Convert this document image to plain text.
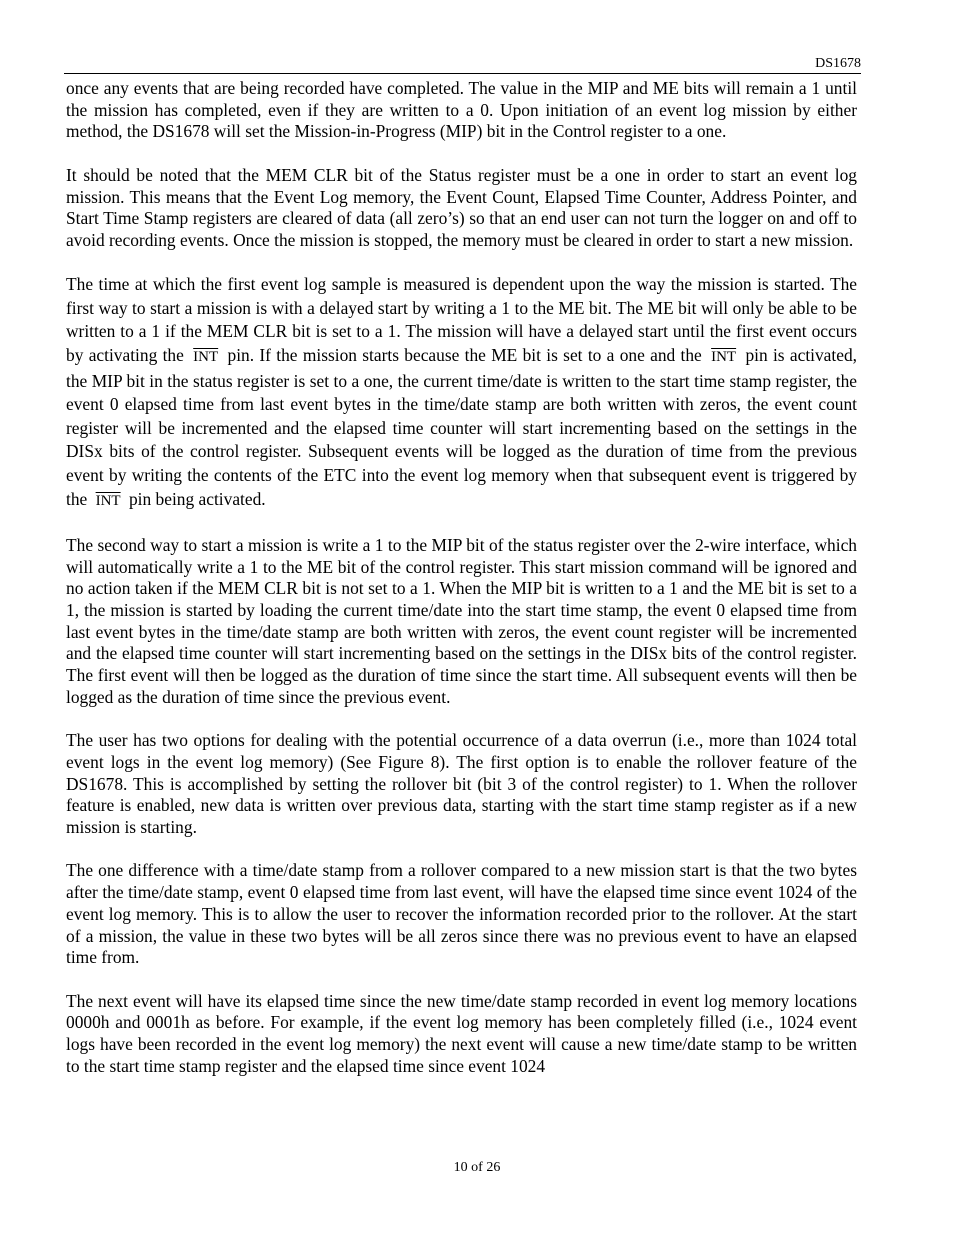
DS1678

once any events that are being recorded have completed. The value in the MIP and ME bits will remain a 1 until the mission has completed, even if they are written to a 0. Upon initiation of an event log mission by either method, the DS1678 will set the Mission-in-Progress (MIP) bit in the Control register to a one.

It should be noted that the MEM CLR bit of the Status register must be a one in order to start an event log mission. This means that the Event Log memory, the Event Count, Elapsed Time Counter, Address Pointer, and Start Time Stamp registers are cleared of data (all zero’s) so that an end user can not turn the logger on and off to avoid recording events. Once the mission is stopped, the memory must be cleared in order to start a new mission.

The time at which the first event log sample is measured is dependent upon the way the mission is started. The first way to start a mission is with a delayed start by writing a 1 to the ME bit. The ME bit will only be able to be written to a 1 if the MEM CLR bit is set to a 1. The mission will have a delayed start until the first event occurs by activating the $\overline{INT}$ pin. If the mission starts because the ME bit is set to a one and the $\overline{INT}$ pin is activated, the MIP bit in the status register is set to a one, the current time/date is written to the start time stamp register, the event 0 elapsed time from last event bytes in the time/date stamp are both written with zeros, the event count register will be incremented and the elapsed time counter will start incrementing based on the settings in the DISx bits of the control register. Subsequent events will be logged as the duration of time from the previous event by writing the contents of the ETC into the event log memory when that subsequent event is triggered by the $\overline{INT}$ pin being activated.

The second way to start a mission is write a 1 to the MIP bit of the status register over the 2-wire interface, which will automatically write a 1 to the ME bit of the control register. This start mission command will be ignored and no action taken if the MEM CLR bit is not set to a 1. When the MIP bit is written to a 1 and the ME bit is set to a 1, the mission is started by loading the current time/date into the start time stamp, the event 0 elapsed time from last event bytes in the time/date stamp are both written with zeros, the event count register will be incremented and the elapsed time counter will start incrementing based on the settings in the DISx bits of the control register. The first event will then be logged as the duration of time since the start time. All subsequent events will then be logged as the duration of time since the previous event.

The user has two options for dealing with the potential occurrence of a data overrun (i.e., more than 1024 total event logs in the event log memory) (See Figure 8). The first option is to enable the rollover feature of the DS1678. This is accomplished by setting the rollover bit (bit 3 of the control register) to 1. When the rollover feature is enabled, new data is written over previous data, starting with the start time stamp register as if a new mission is starting.

The one difference with a time/date stamp from a rollover compared to a new mission start is that the two bytes after the time/date stamp, event 0 elapsed time from last event, will have the elapsed time since event 1024 of the event log memory. This is to allow the user to recover the information recorded prior to the rollover. At the start of a mission, the value in these two bytes will be all zeros since there was no previous event to have an elapsed time from.

The next event will have its elapsed time since the new time/date stamp recorded in event log memory locations 0000h and 0001h as before. For example, if the event log memory has been completely filled (i.e., 1024 event logs have been recorded in the event log memory) the next event will cause a new time/date stamp to be written to the start time stamp register and the elapsed time since event 1024

10 of 26
